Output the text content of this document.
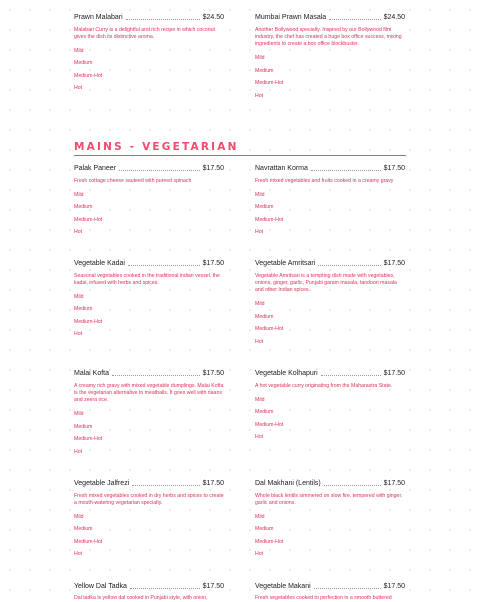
Prawn Malabari	$24.50
Malabari Curry is a delightful and rich recipe in which coconut gives the dish its distinctive aroma.
Mild
Medium
Medium-Hot
Hot
Mumbai Prawn Masala	$24.50
Another Bollywood specialty. Inspired by our Bollywood film industry, the chef has created a huge box office success, mixing ingredients to create a box office blockbuster.
Mild
Medium
Medium-Hot
Hot
MAINS - VEGETARIAN
Palak Paneer	$17.50
Fresh cottage cheese sauteed with pureed spinach
Mild
Medium
Medium-Hot
Hot
Navrattan Korma	$17.50
Fresh mixed vegetables and fruits cooked in a creamy gravy
Mild
Medium
Medium-Hot
Hot
Vegetable Kadai	$17.50
Seasonal vegetables cooked in the traditional indian vessel, the kadai, infused with herbs and spices.
Mild
Medium
Medium-Hot
Hot
Vegetable Amritsari	$17.50
Vegetable Amritsari is a tempting dish made with vegetables, onions, ginger, garlic, Punjabi garam masala, tandoori masala and other Indian spices.
Mild
Medium
Medium-Hot
Hot
Malai Kofta	$17.50
A creamy rich gravy with mixed vegetable dumplings. Malai Kofta is the vegetarian alternative to meatballs. It goes well with naans and zeera rice.
Mild
Medium
Medium-Hot
Hot
Vegetable Kolhapuri	$17.50
A hot vegetable curry originating from the Maharastra State.
Mild
Medium
Medium-Hot
Hot
Vegetable Jalfrezi	$17.50
Fresh mixed vegetables cooked in dry herbs and spices to create a mouth-watering vegetarian specialty.
Mild
Medium
Medium-Hot
Hot
Dal Makhani (Lentils)	$17.50
Whole black lentils simmered on slow fire, tempered with ginger, garlic and onions.
Mild
Medium
Medium-Hot
Hot
Yellow Dal Tadka	$17.50
Dal tadka is yellow dal cooked in Punjabi style, with onion,
Vegetable Makani	$17.50
Fresh vegetables cooked to perfection in a smooth buttered
